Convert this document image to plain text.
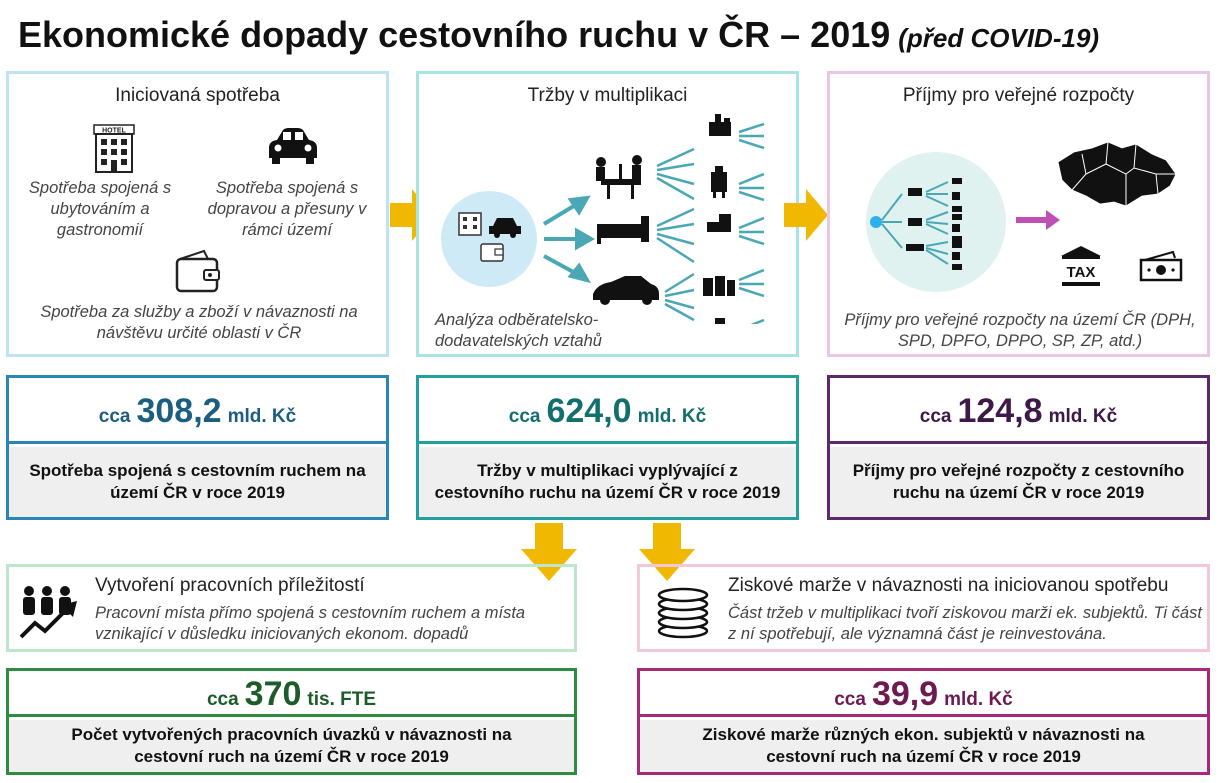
Ekonomické dopady cestovního ruchu v ČR – 2019 (před COVID-19)
Iniciovaná spotřeba
HOTEL
Spotřeba spojená s ubytováním a gastronomií
Spotřeba spojená s dopravou a přesuny v rámci území
Spotřeba za služby a zboží v návaznosti na návštěvu určité oblasti v ČR
Tržby v multiplikaci
Analýza odběratelsko-dodavatelských vztahů
Příjmy pro veřejné rozpočty
TAX
Příjmy pro veřejné rozpočty na území ČR (DPH, SPD, DPFO, DPPO, SP, ZP, atd.)
cca 308,2 mld. Kč
Spotřeba spojená s cestovním ruchem na území ČR v roce 2019
cca 624,0 mld. Kč
Tržby v multiplikaci vyplývající z cestovního ruchu na území ČR v roce 2019
cca 124,8 mld. Kč
Příjmy pro veřejné rozpočty z cestovního ruchu na území ČR v roce 2019
Vytvoření pracovních příležitostí
Pracovní místa přímo spojená s cestovním ruchem a místa vznikající v důsledku iniciovaných ekonom. dopadů
Ziskové marže v návaznosti na iniciovanou spotřebu
Část tržeb v multiplikaci tvoří ziskovou marži ek. subjektů. Ti část z ní spotřebují, ale významná část je reinvestována.
cca 370 tis. FTE
Počet vytvořených pracovních úvazků v návaznosti na cestovní ruch na území ČR v roce 2019
cca 39,9 mld. Kč
Ziskové marže různých ekon. subjektů v návaznosti na cestovní ruch na území ČR v roce 2019
